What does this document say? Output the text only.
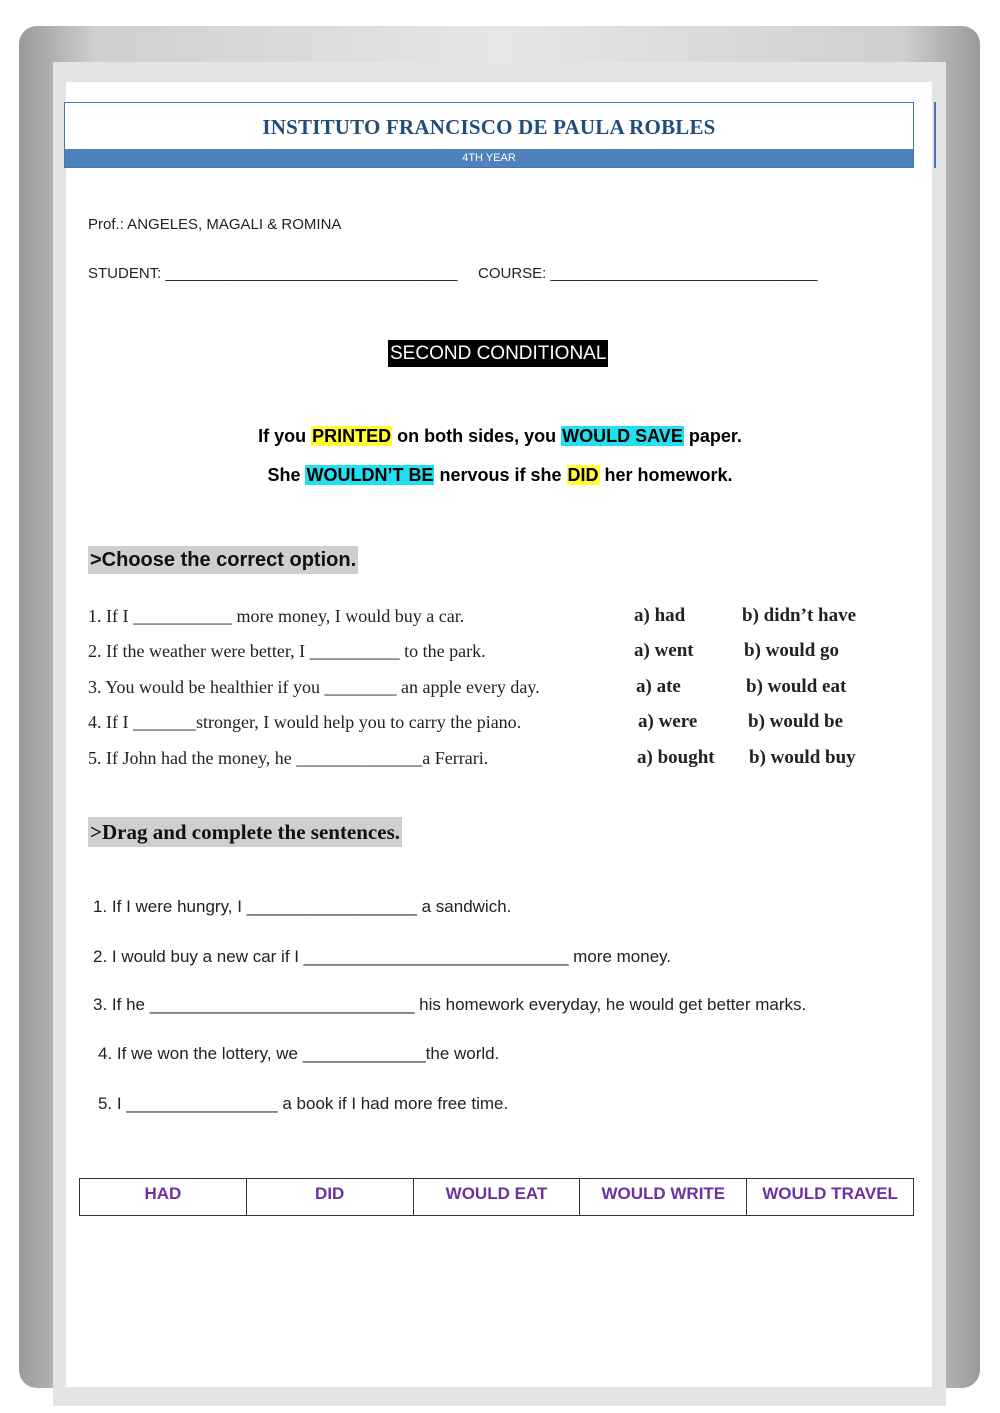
INSTITUTO FRANCISCO DE PAULA ROBLES
4TH YEAR
Prof.: ANGELES, MAGALI & ROMINA
STUDENT: ___________________________________ COURSE: ________________________________
SECOND CONDITIONAL
If you PRINTED on both sides, you WOULD SAVE paper.
She WOULDN’T BE nervous if she DID her homework.
>Choose the correct option.
1. If I ___________ more money, I would buy a car.	a) had	b) didn’t have
2. If the weather were better, I __________ to the park.	a) went	b) would go
3. You would be healthier if you ________ an apple every day.	a) ate	b) would eat
4. If I _______stronger, I would help you to carry the piano.	a) were	b) would be
5. If John had the money, he ______________a Ferrari.	a) bought b) would buy
>Drag and complete the sentences.
1. If I were hungry, I __________________ a sandwich.
2. I would buy a new car if I ____________________________ more money.
3. If he ____________________________ his homework everyday, he would get better marks.
4. If we won the lottery, we _____________the world.
5. I ________________ a book if I had more free time.
HAD	DID	WOULD EAT	WOULD WRITE	WOULD TRAVEL
